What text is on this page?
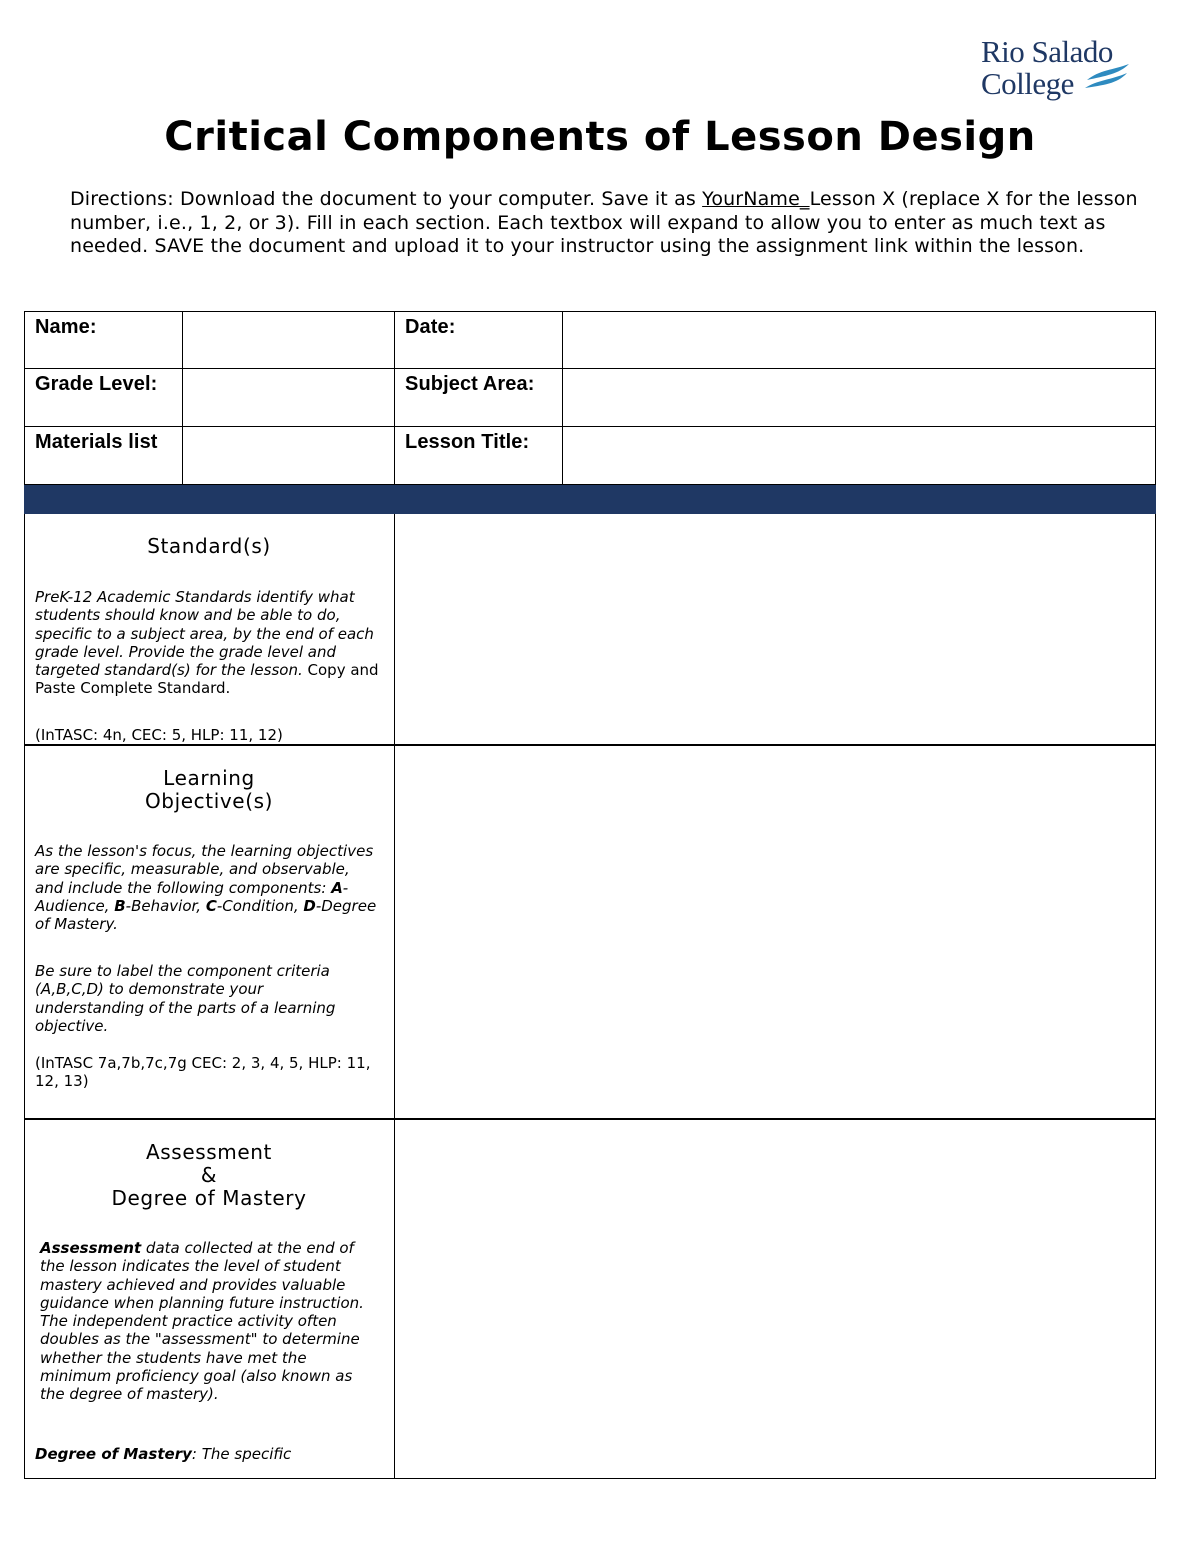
Rio Salado
College
Critical Components of Lesson Design
Directions: Download the document to your computer. Save it as YourName_Lesson X (replace X for the lesson number, i.e., 1, 2, or 3). Fill in each section. Each textbox will expand to allow you to enter as much text as needed. SAVE the document and upload it to your instructor using the assignment link within the lesson.
Name:	Date:
Grade Level:	Subject Area:
Materials list	Lesson Title:
Standard(s)
PreK-12 Academic Standards identify what students should know and be able to do, specific to a subject area, by the end of each grade level. Provide the grade level and targeted standard(s) for the lesson. Copy and Paste Complete Standard.
(InTASC: 4n, CEC: 5, HLP: 11, 12)
Learning
Objective(s)
As the lesson's focus, the learning objectives are specific, measurable, and observable, and include the following components: A-Audience, B-Behavior, C-Condition, D-Degree of Mastery.
Be sure to label the component criteria (A,B,C,D) to demonstrate your understanding of the parts of a learning objective.
(InTASC 7a,7b,7c,7g CEC: 2, 3, 4, 5, HLP: 11, 12, 13)
Assessment
&
Degree of Mastery
Assessment data collected at the end of the lesson indicates the level of student mastery achieved and provides valuable guidance when planning future instruction.
The independent practice activity often doubles as the "assessment" to determine whether the students have met the minimum proficiency goal (also known as the degree of mastery).
Degree of Mastery: The specific
